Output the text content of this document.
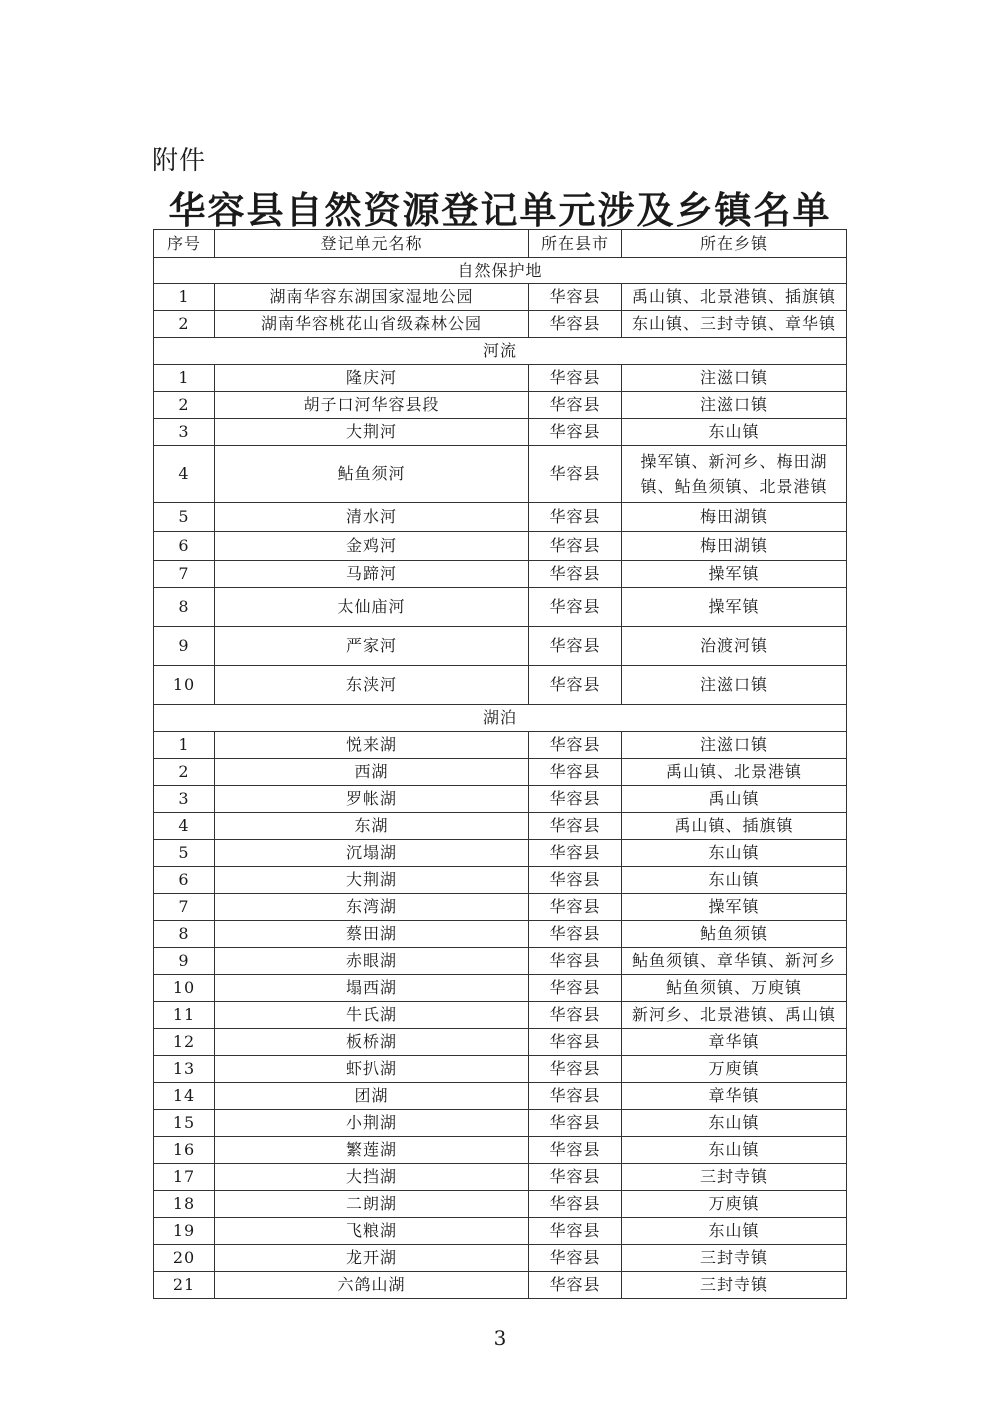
附件
华容县自然资源登记单元涉及乡镇名单
序号	登记单元名称	所在县市	所在乡镇
自然保护地			
1	湖南华容东湖国家湿地公园	华容县	禹山镇、北景港镇、插旗镇
2	湖南华容桃花山省级森林公园	华容县	东山镇、三封寺镇、章华镇
河流			
1	隆庆河	华容县	注滋口镇
2	胡子口河华容县段	华容县	注滋口镇
3	大荆河	华容县	东山镇
4	鲇鱼须河	华容县	操军镇、新河乡、梅田湖镇、鲇鱼须镇、北景港镇
5	清水河	华容县	梅田湖镇
6	金鸡河	华容县	梅田湖镇
7	马蹄河	华容县	操军镇
8	太仙庙河	华容县	操军镇
9	严家河	华容县	治渡河镇
10	东浃河	华容县	注滋口镇
湖泊			
1	悦来湖	华容县	注滋口镇
2	西湖	华容县	禹山镇、北景港镇
3	罗帐湖	华容县	禹山镇
4	东湖	华容县	禹山镇、插旗镇
5	沉塌湖	华容县	东山镇
6	大荆湖	华容县	东山镇
7	东湾湖	华容县	操军镇
8	蔡田湖	华容县	鲇鱼须镇
9	赤眼湖	华容县	鲇鱼须镇、章华镇、新河乡
10	塌西湖	华容县	鲇鱼须镇、万庾镇
11	牛氏湖	华容县	新河乡、北景港镇、禹山镇
12	板桥湖	华容县	章华镇
13	虾扒湖	华容县	万庾镇
14	团湖	华容县	章华镇
15	小荆湖	华容县	东山镇
16	繁莲湖	华容县	东山镇
17	大挡湖	华容县	三封寺镇
18	二朗湖	华容县	万庾镇
19	飞粮湖	华容县	东山镇
20	龙开湖	华容县	三封寺镇
21	六鸽山湖	华容县	三封寺镇
3
